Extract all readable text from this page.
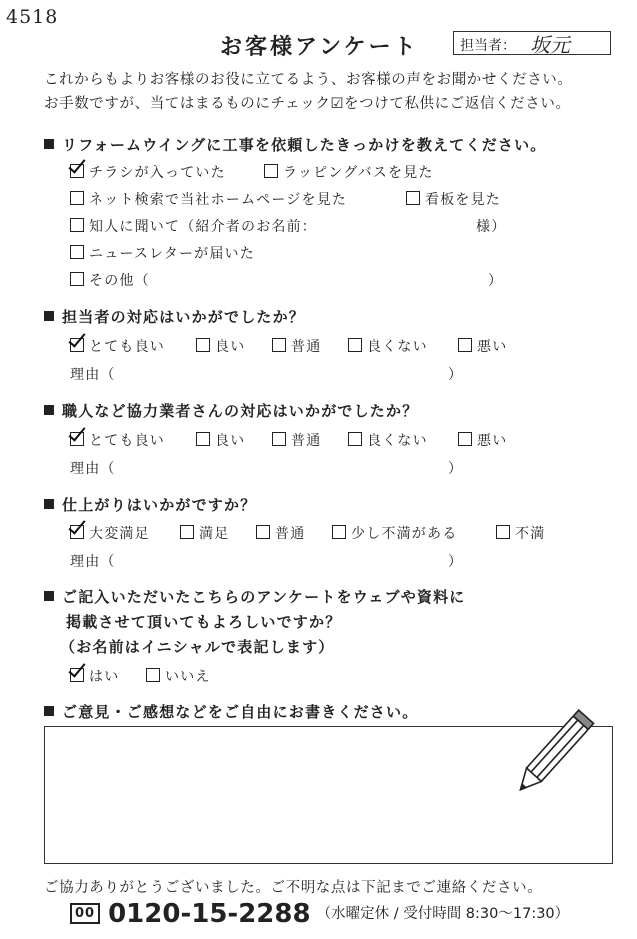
4518
お客様アンケート	担当者： 坂元
これからもよりお客様のお役に立てるよう、お客様の声をお聞かせください。
お手数ですが、当てはまるものにチェック☑をつけて私供にご返信ください。
リフォームウイングに工事を依頼したきっかけを教えてください。
チラシが入っていた	ラッピングバスを見た
ネット検索で当社ホームページを見た	看板を見た
知人に聞いて（紹介者のお名前：	様）
ニュースレターが届いた
その他（	）
担当者の対応はいかがでしたか？
とても良い	良い	普通	良くない	悪い
理由（	）
職人など協力業者さんの対応はいかがでしたか？
とても良い	良い	普通	良くない	悪い
理由（	）
仕上がりはいかがですか？
大変満足	満足	普通	少し不満がある	不満
理由（	）
ご記入いただいたこちらのアンケートをウェブや資料に
掲載させて頂いてもよろしいですか？
（お名前はイニシャルで表記します）
はい	いいえ
ご意見・ご感想などをご自由にお書きください。
ご協力ありがとうございました。ご不明な点は下記までご連絡ください。
00 0120-15-2288 （水曜定休 / 受付時間 8:30〜17:30）
